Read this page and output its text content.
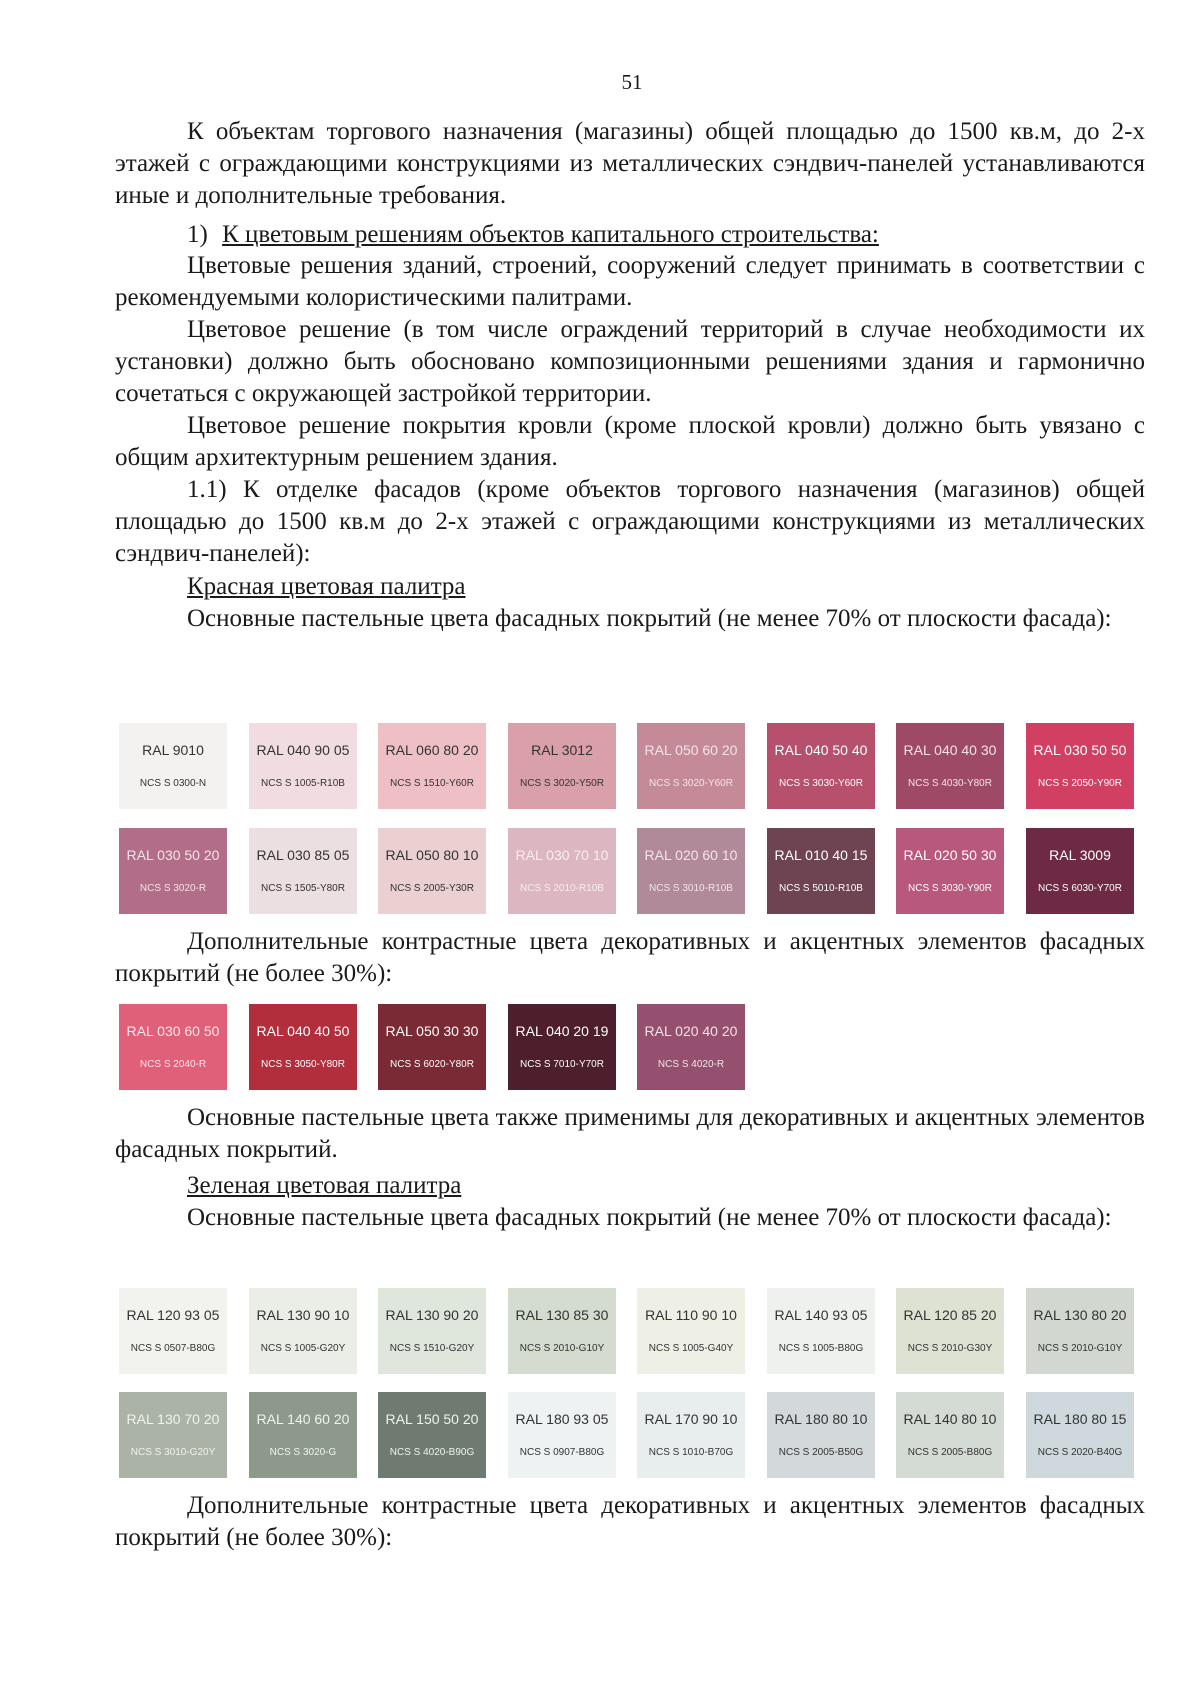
51
К объектам торгового назначения (магазины) общей площадью до 1500 кв.м, до 2-х этажей с ограждающими конструкциями из металлических сэндвич-панелей устанавливаются иные и дополнительные требования.
1) К цветовым решениям объектов капитального строительства:
Цветовые решения зданий, строений, сооружений следует принимать в соответствии с рекомендуемыми колористическими палитрами.
Цветовое решение (в том числе ограждений территорий в случае необходимости их установки) должно быть обосновано композиционными решениями здания и гармонично сочетаться с окружающей застройкой территории.
Цветовое решение покрытия кровли (кроме плоской кровли) должно быть увязано с общим архитектурным решением здания.
1.1) К отделке фасадов (кроме объектов торгового назначения (магазинов) общей площадью до 1500 кв.м до 2-х этажей с ограждающими конструкциями из металлических сэндвич-панелей):
Красная цветовая палитра
Основные пастельные цвета фасадных покрытий (не менее 70% от плоскости фасада):
RAL 9010
NCS S 0300-N
RAL 040 90 05
NCS S 1005-R10B
RAL 060 80 20
NCS S 1510-Y60R
RAL 3012
NCS S 3020-Y50R
RAL 050 60 20
NCS S 3020-Y60R
RAL 040 50 40
NCS S 3030-Y60R
RAL 040 40 30
NCS S 4030-Y80R
RAL 030 50 50
NCS S 2050-Y90R
RAL 030 50 20
NCS S 3020-R
RAL 030 85 05
NCS S 1505-Y80R
RAL 050 80 10
NCS S 2005-Y30R
RAL 030 70 10
NCS S 2010-R10B
RAL 020 60 10
NCS S 3010-R10B
RAL 010 40 15
NCS S 5010-R10B
RAL 020 50 30
NCS S 3030-Y90R
RAL 3009
NCS S 6030-Y70R
Дополнительные контрастные цвета декоративных и акцентных элементов фасадных покрытий (не более 30%):
RAL 030 60 50
NCS S 2040-R
RAL 040 40 50
NCS S 3050-Y80R
RAL 050 30 30
NCS S 6020-Y80R
RAL 040 20 19
NCS S 7010-Y70R
RAL 020 40 20
NCS S 4020-R
Основные пастельные цвета также применимы для декоративных и акцентных элементов фасадных покрытий.
Зеленая цветовая палитра
Основные пастельные цвета фасадных покрытий (не менее 70% от плоскости фасада):
RAL 120 93 05
NCS S 0507-B80G
RAL 130 90 10
NCS S 1005-G20Y
RAL 130 90 20
NCS S 1510-G20Y
RAL 130 85 30
NCS S 2010-G10Y
RAL 110 90 10
NCS S 1005-G40Y
RAL 140 93 05
NCS S 1005-B80G
RAL 120 85 20
NCS S 2010-G30Y
RAL 130 80 20
NCS S 2010-G10Y
RAL 130 70 20
NCS S 3010-G20Y
RAL 140 60 20
NCS S 3020-G
RAL 150 50 20
NCS S 4020-B90G
RAL 180 93 05
NCS S 0907-B80G
RAL 170 90 10
NCS S 1010-B70G
RAL 180 80 10
NCS S 2005-B50G
RAL 140 80 10
NCS S 2005-B80G
RAL 180 80 15
NCS S 2020-B40G
Дополнительные контрастные цвета декоративных и акцентных элементов фасадных покрытий (не более 30%):
